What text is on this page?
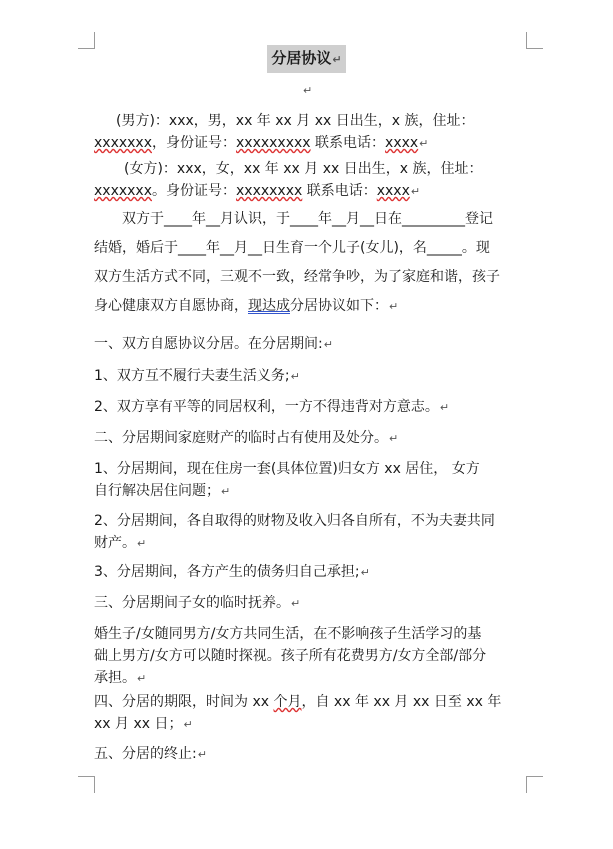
分居协议↵
↵
(男方)：xxx，男，xx 年 xx 月 xx 日出生，x 族，住址：
xxxxxxx，身份证号：xxxxxxxxx 联系电话：xxxx↵
(女方)：xxx，女，xx 年 xx 月 xx 日出生，x 族，住址：
xxxxxxx。身份证号：xxxxxxxx 联系电话：xxxx↵
双方于____年__月认识，于____年__月__日在_________登记
结婚，婚后于____年__月__日生育一个儿子(女儿)，名_____。现
双方生活方式不同，三观不一致，经常争吵，为了家庭和谐，孩子
身心健康双方自愿协商，现达成分居协议如下：↵
一、双方自愿协议分居。在分居期间:↵
1、双方互不履行夫妻生活义务;↵
2、双方享有平等的同居权利，一方不得违背对方意志。↵
二、分居期间家庭财产的临时占有使用及处分。↵
1、分居期间，现在住房一套(具体位置)归女方 xx 居住， 女方
自行解决居住问题；↵
2、分居期间，各自取得的财物及收入归各自所有，不为夫妻共同
财产。↵
3、分居期间，各方产生的债务归自己承担;↵
三、分居期间子女的临时抚养。↵
婚生子/女随同男方/女方共同生活，在不影响孩子生活学习的基
础上男方/女方可以随时探视。孩子所有花费男方/女方全部/部分
承担。↵
四、分居的期限，时间为 xx 个月，自 xx 年 xx 月 xx 日至 xx 年
xx 月 xx 日；↵
五、分居的终止:↵
